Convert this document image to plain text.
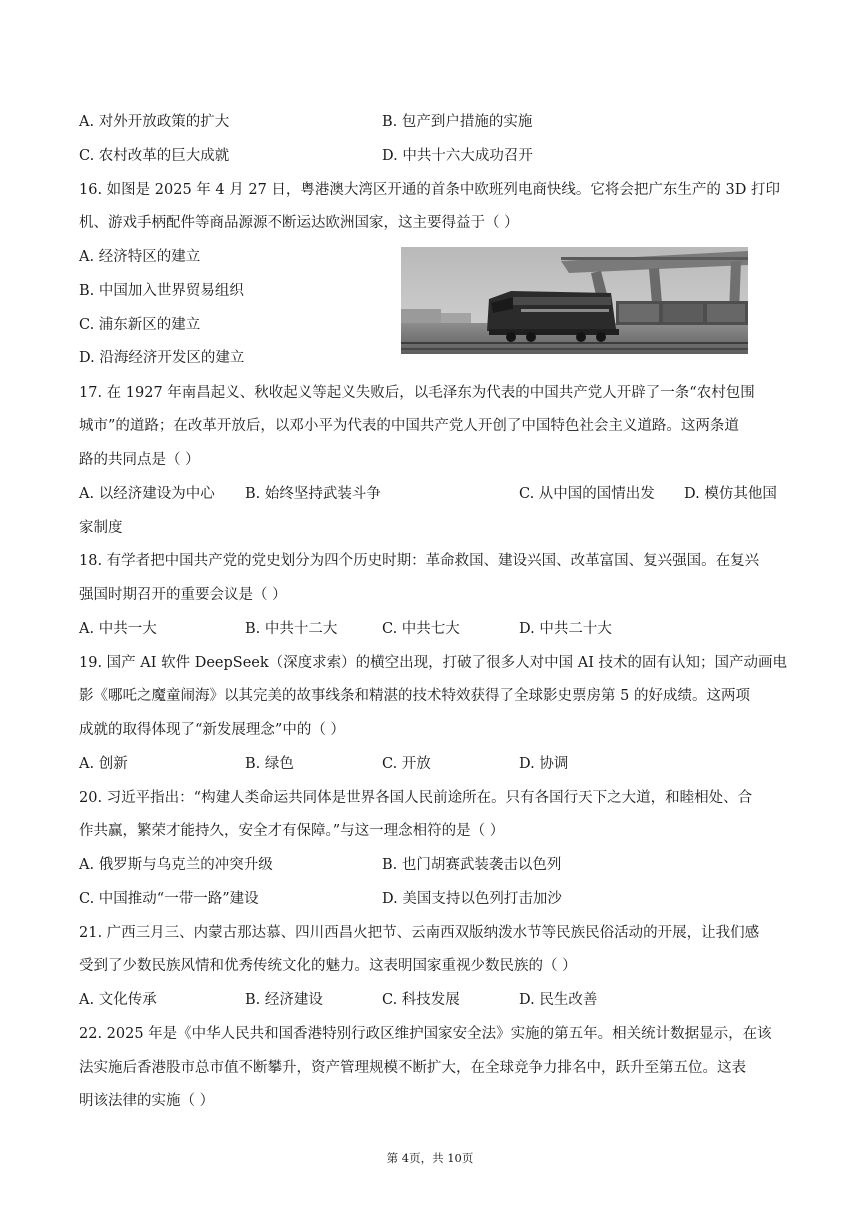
A. 对外开放政策的扩大	B. 包产到户措施的实施
C. 农村改革的巨大成就	D. 中共十六大成功召开
16. 如图是 2025 年 4 月 27 日，粤港澳大湾区开通的首条中欧班列电商快线。它将会把广东生产的 3D 打印
机、游戏手柄配件等商品源源不断运达欧洲国家，这主要得益于（ ）
A. 经济特区的建立
B. 中国加入世界贸易组织
C. 浦东新区的建立
D. 沿海经济开发区的建立
17. 在 1927 年南昌起义、秋收起义等起义失败后，以毛泽东为代表的中国共产党人开辟了一条“农村包围
城市”的道路；在改革开放后，以邓小平为代表的中国共产党人开创了中国特色社会主义道路。这两条道
路的共同点是（ ）
A. 以经济建设为中心 B. 始终坚持武装斗争	C. 从中国的国情出发 D. 模仿其他国
家制度
18. 有学者把中国共产党的党史划分为四个历史时期：革命救国、建设兴国、改革富国、复兴强国。在复兴
强国时期召开的重要会议是（ ）
A. 中共一大	B. 中共十二大	C. 中共七大	D. 中共二十大
19. 国产 AI 软件 DeepSeek（深度求索）的横空出现，打破了很多人对中国 AI 技术的固有认知；国产动画电
影《哪吒之魔童闹海》以其完美的故事线条和精湛的技术特效获得了全球影史票房第 5 的好成绩。这两项
成就的取得体现了“新发展理念”中的（ ）
A. 创新	B. 绿色	C. 开放	D. 协调
20. 习近平指出：“构建人类命运共同体是世界各国人民前途所在。只有各国行天下之大道，和睦相处、合
作共赢，繁荣才能持久，安全才有保障。”与这一理念相符的是（ ）
A. 俄罗斯与乌克兰的冲突升级	B. 也门胡赛武装袭击以色列
C. 中国推动“一带一路”建设	D. 美国支持以色列打击加沙
21. 广西三月三、内蒙古那达慕、四川西昌火把节、云南西双版纳泼水节等民族民俗活动的开展，让我们感
受到了少数民族风情和优秀传统文化的魅力。这表明国家重视少数民族的（ ）
A. 文化传承	B. 经济建设	C. 科技发展	D. 民生改善
22. 2025 年是《中华人民共和国香港特别行政区维护国家安全法》实施的第五年。相关统计数据显示，在该
法实施后香港股市总市值不断攀升，资产管理规模不断扩大，在全球竞争力排名中，跃升至第五位。这表
明该法律的实施（ ）
第 4页，共 10页
